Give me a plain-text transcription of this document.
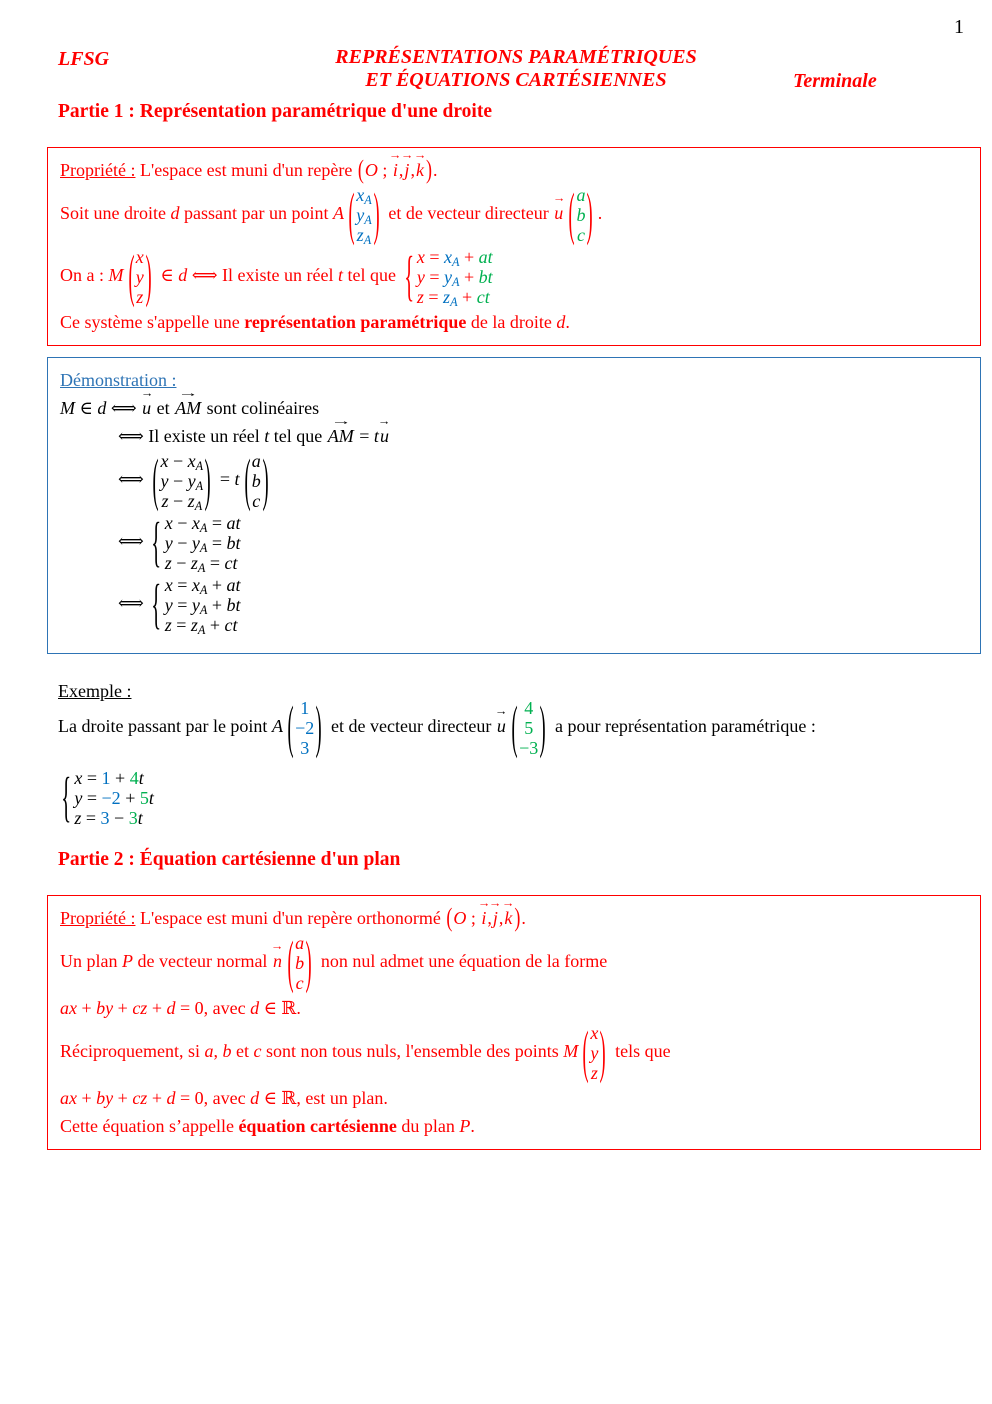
1
LFSG	REPRÉSENTATIONS PARAMÉTRIQUES
ET ÉQUATIONS CARTÉSIENNES	Terminale
Partie 1 : Représentation paramétrique d'une droite
Propriété : L'espace est muni d'un repère (O ; → i,→ j,→ k ).
Soit une droite d passant par un point A ( $x_A$
$y_A$
$z_A$ ) et de vecteur directeur → u ( a
b
c ) .
On a : M ( x
y
z ) ∈ d ⟺ Il existe un réel t tel que { $x = x_A$ + at
$y = y_A$ + bt
$z = z_A$ + ct
Ce système s'appelle une représentation paramétrique de la droite d.
Démonstration :
M ∈ d ⟺ → u et → AM sont colinéaires
⟺ Il existe un réel t tel que → AM = t→ u
⟺ ( $x - x_A$
$y - y_A$
$z - z_A$ ) = t ( a
b
c )
⟺ { $x - x_A$ = at
$y - y_A$ = bt
$z - z_A$ = ct
⟺ { $x = x_A$ + at
$y = y_A$ + bt
$z = z_A$ + ct
Exemple :
La droite passant par le point A ( 1
−2
3 ) et de vecteur directeur → u ( 4
5
−3 ) a pour représentation paramétrique :
{ x = 1 + 4t
y = −2 + 5t
z = 3 − 3t
Partie 2 : Équation cartésienne d'un plan
Propriété : L'espace est muni d'un repère orthonormé (O ; → i,→ j,→ k ).
Un plan P de vecteur normal → n ( a
b
c ) non nul admet une équation de la forme
ax + by + cz + d = 0, avec d ∈ ℝ.
Réciproquement, si a, b et c sont non tous nuls, l'ensemble des points M ( x
y
z ) tels que
ax + by + cz + d = 0, avec d ∈ ℝ, est un plan.
Cette équation s’appelle équation cartésienne du plan P.
